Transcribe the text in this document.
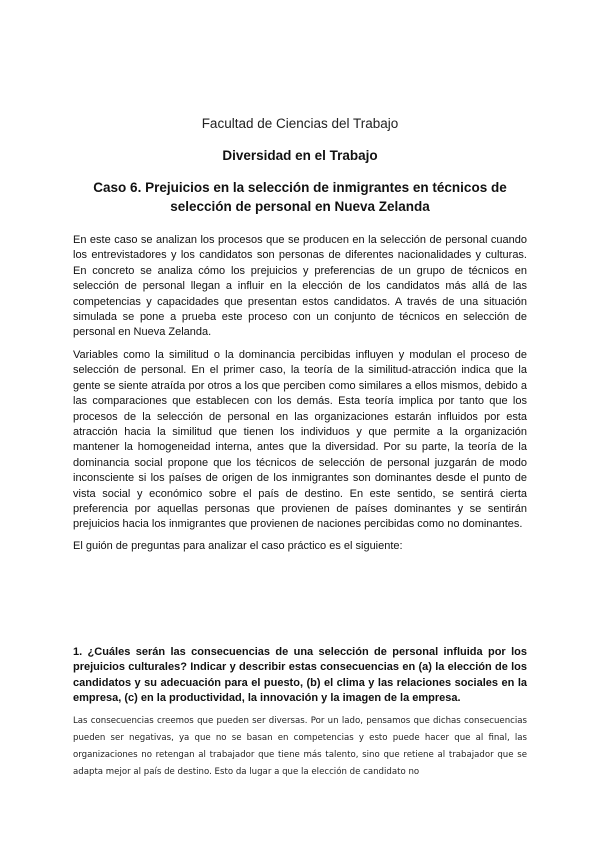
Facultad de Ciencias del Trabajo
Diversidad en el Trabajo
Caso 6. Prejuicios en la selección de inmigrantes en técnicos de selección de personal en Nueva Zelanda

En este caso se analizan los procesos que se producen en la selección de personal cuando los entrevistadores y los candidatos son personas de diferentes nacionalidades y culturas. En concreto se analiza cómo los prejuicios y preferencias de un grupo de técnicos en selección de personal llegan a influir en la elección de los candidatos más allá de las competencias y capacidades que presentan estos candidatos. A través de una situación simulada se pone a prueba este proceso con un conjunto de técnicos en selección de personal en Nueva Zelanda.

Variables como la similitud o la dominancia percibidas influyen y modulan el proceso de selección de personal. En el primer caso, la teoría de la similitud-atracción indica que la gente se siente atraída por otros a los que perciben como similares a ellos mismos, debido a las comparaciones que establecen con los demás. Esta teoría implica por tanto que los procesos de la selección de personal en las organizaciones estarán influidos por esta atracción hacia la similitud que tienen los individuos y que permite a la organización mantener la homogeneidad interna, antes que la diversidad. Por su parte, la teoría de la dominancia social propone que los técnicos de selección de personal juzgarán de modo inconsciente si los países de origen de los inmigrantes son dominantes desde el punto de vista social y económico sobre el país de destino. En este sentido, se sentirá cierta preferencia por aquellas personas que provienen de países dominantes y se sentirán prejuicios hacia los inmigrantes que provienen de naciones percibidas como no dominantes.

El guión de preguntas para analizar el caso práctico es el siguiente:

1. ¿Cuáles serán las consecuencias de una selección de personal influida por los prejuicios culturales? Indicar y describir estas consecuencias en (a) la elección de los candidatos y su adecuación para el puesto, (b) el clima y las relaciones sociales en la empresa, (c) en la productividad, la innovación y la imagen de la empresa.

Las consecuencias creemos que pueden ser diversas. Por un lado, pensamos que dichas consecuencias pueden ser negativas, ya que no se basan en competencias y esto puede hacer que al final, las organizaciones no retengan al trabajador que tiene más talento, sino que retiene al trabajador que se adapta mejor al país de destino. Esto da lugar a que la elección de candidato no
